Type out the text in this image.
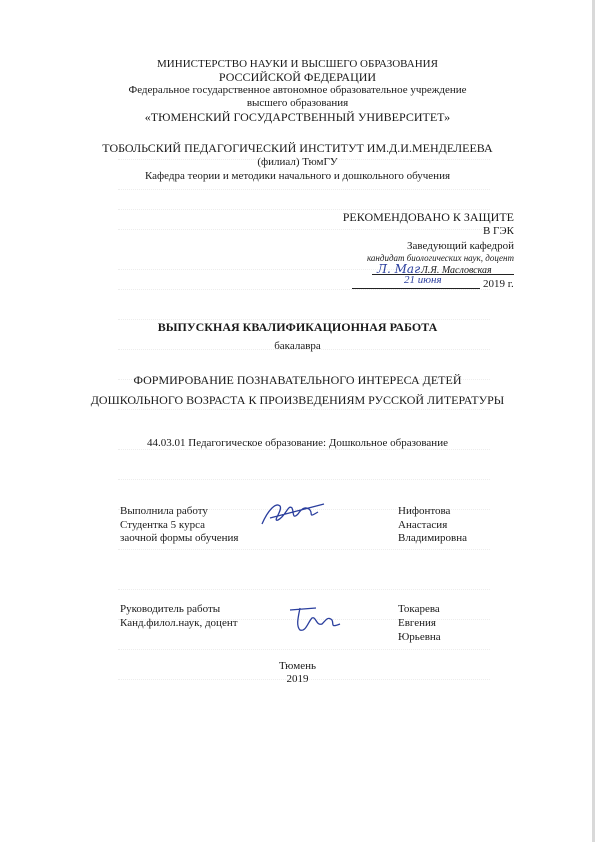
МИНИСТЕРСТВО НАУКИ И ВЫСШЕГО ОБРАЗОВАНИЯ
РОССИЙСКОЙ ФЕДЕРАЦИИ
Федеральное государственное автономное образовательное учреждение
высшего образования
«ТЮМЕНСКИЙ ГОСУДАРСТВЕННЫЙ УНИВЕРСИТЕТ»
ТОБОЛЬСКИЙ ПЕДАГОГИЧЕСКИЙ ИНСТИТУТ ИМ.Д.И.МЕНДЕЛЕЕВА
(филиал) ТюмГУ
Кафедра теории и методики начального и дошкольного обучения
РЕКОМЕНДОВАНО К ЗАЩИТЕ
В ГЭК
Заведующий кафедрой
кандидат биологических наук, доцент
Л. Маг Л.Я. Масловская
21 июня	2019 г.
ВЫПУСКНАЯ КВАЛИФИКАЦИОННАЯ РАБОТА
бакалавра
ФОРМИРОВАНИЕ ПОЗНАВАТЕЛЬНОГО ИНТЕРЕСА ДЕТЕЙ
ДОШКОЛЬНОГО ВОЗРАСТА К ПРОИЗВЕДЕНИЯМ РУССКОЙ ЛИТЕРАТУРЫ
44.03.01 Педагогическое образование: Дошкольное образование
Выполнила работу
Студентка 5 курса
заочной формы обучения
Нифонтова
Анастасия
Владимировна
Руководитель работы
Канд.филол.наук, доцент
Токарева
Евгения
Юрьевна
Тюмень
2019
